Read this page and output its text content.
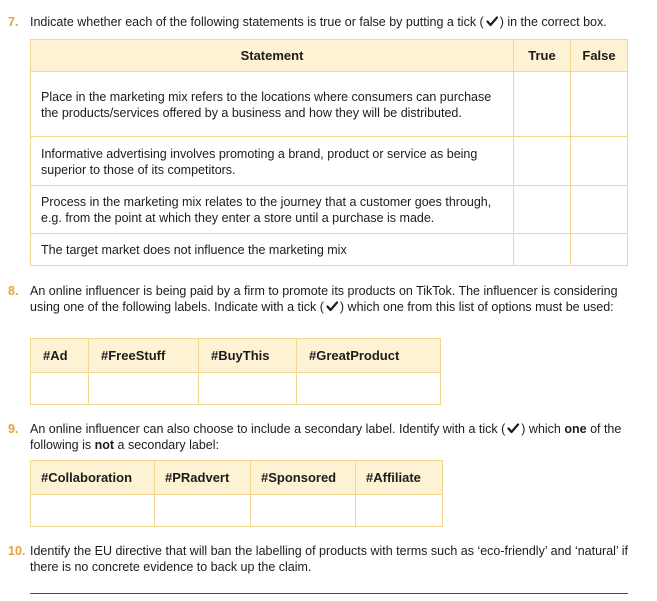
7. Indicate whether each of the following statements is true or false by putting a tick ( ) in the correct box.
Statement	True	False
Place in the marketing mix refers to the locations where consumers can purchase the products/services offered by a business and how they will be distributed.		
Informative advertising involves promoting a brand, product or service as being superior to those of its competitors.		
Process in the marketing mix relates to the journey that a customer goes through, e.g. from the point at which they enter a store until a purchase is made.		
The target market does not influence the marketing mix		
8. An online influencer is being paid by a firm to promote its products on TikTok. The influencer is considering using one of the following labels. Indicate with a tick ( ) which one from this list of options must be used:
#Ad	#FreeStuff	#BuyThis	#GreatProduct

9. An online influencer can also choose to include a secondary label. Identify with a tick ( ) which one of the following is not a secondary label:
#Collaboration	#PRadvert	#Sponsored	#Affiliate

10. Identify the EU directive that will ban the labelling of products with terms such as ‘eco-friendly’ and ‘natural’ if there is no concrete evidence to back up the claim.
